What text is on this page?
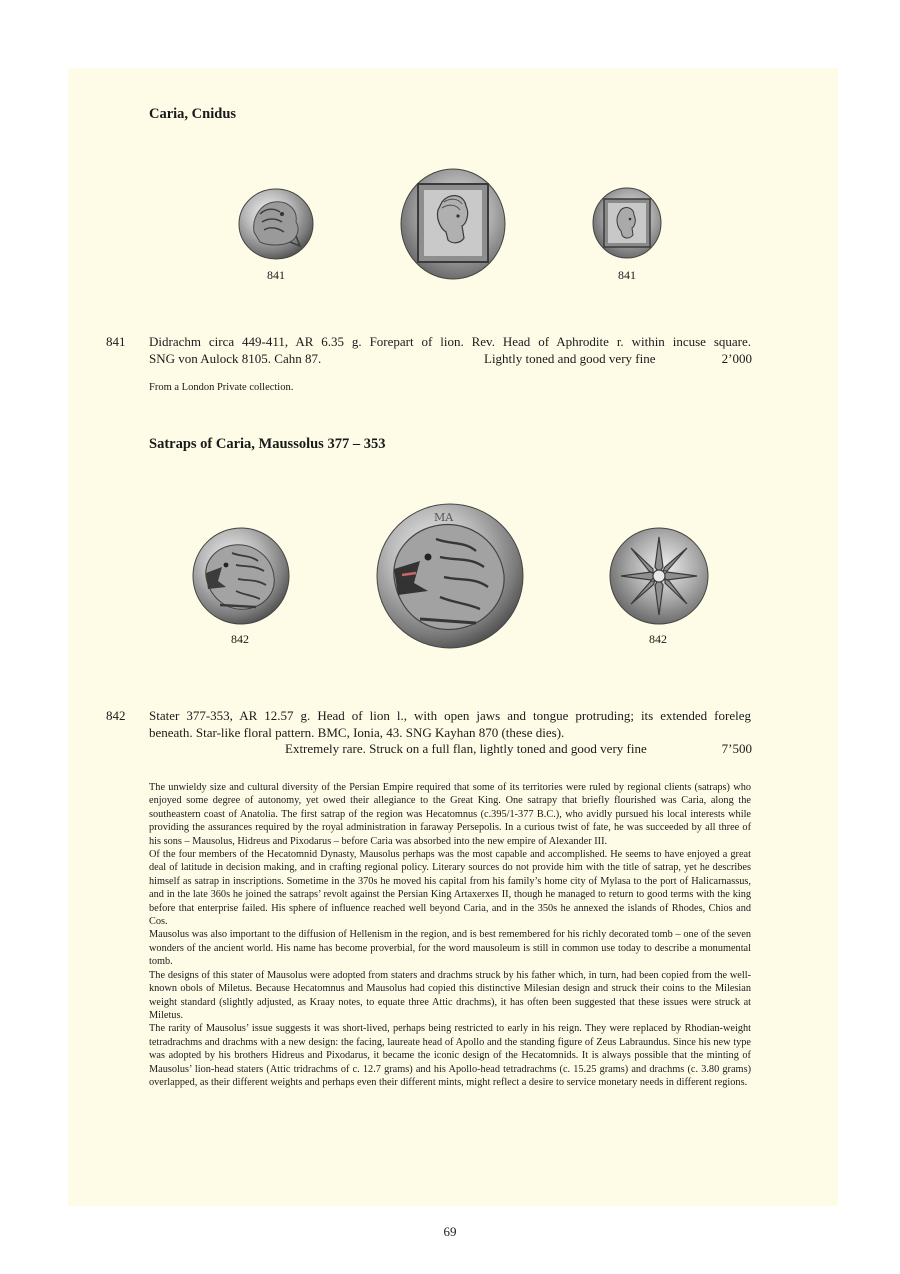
Caria, Cnidus
841	841
841 Didrachm circa 449-411, AR 6.35 g. Forepart of lion. Rev. Head of Aphrodite r. within incuse square.
SNG von Aulock 8105. Cahn 87.	Lightly toned and good very fine	2’000
From a London Private collection.
Satraps of Caria, Maussolus 377 – 353
ΜΑ
842	842
842 Stater 377-353, AR 12.57 g. Head of lion l., with open jaws and tongue protruding; its extended foreleg
beneath. Star-like floral pattern. BMC, Ionia, 43. SNG Kayhan 870 (these dies).
Extremely rare. Struck on a full flan, lightly toned and good very fine	7’500

The unwieldy size and cultural diversity of the Persian Empire required that some of its territories were ruled by regional clients (satraps) who enjoyed some degree of autonomy, yet owed their allegiance to the Great King. One satrapy that briefly flourished was Caria, along the southeastern coast of Anatolia. The first satrap of the region was Hecatomnus (c.395/1-377 B.C.), who avidly pursued his local interests while providing the assurances required by the royal administration in faraway Persepolis. In a curious twist of fate, he was succeeded by all three of his sons – Mausolus, Hidreus and Pixodarus – before Caria was absorbed into the new empire of Alexander III.

Of the four members of the Hecatomnid Dynasty, Mausolus perhaps was the most capable and accomplished. He seems to have enjoyed a great deal of latitude in decision making, and in crafting regional policy. Literary sources do not provide him with the title of satrap, yet he describes himself as satrap in inscriptions. Sometime in the 370s he moved his capital from his family’s home city of Mylasa to the port of Halicarnassus, and in the late 360s he joined the satraps’ revolt against the Persian King Artaxerxes II, though he managed to return to good terms with the king before that enterprise failed. His sphere of influence reached well beyond Caria, and in the 350s he annexed the islands of Rhodes, Chios and Cos.

Mausolus was also important to the diffusion of Hellenism in the region, and is best remembered for his richly decorated tomb – one of the seven wonders of the ancient world. His name has become proverbial, for the word mausoleum is still in common use today to describe a monumental tomb.

The designs of this stater of Mausolus were adopted from staters and drachms struck by his father which, in turn, had been copied from the well-known obols of Miletus. Because Hecatomnus and Mausolus had copied this distinctive Milesian design and struck their coins to the Milesian weight standard (slightly adjusted, as Kraay notes, to equate three Attic drachms), it has often been suggested that these issues were struck at Miletus.

The rarity of Mausolus’ issue suggests it was short-lived, perhaps being restricted to early in his reign. They were replaced by Rhodian-weight tetradrachms and drachms with a new design: the facing, laureate head of Apollo and the standing figure of Zeus Labraundus. Since his new type was adopted by his brothers Hidreus and Pixodarus, it became the iconic design of the Hecatomnids. It is always possible that the minting of Mausolus’ lion-head staters (Attic tridrachms of c. 12.7 grams) and his Apollo-head tetradrachms (c. 15.25 grams) and drachms (c. 3.80 grams) overlapped, as their different weights and perhaps even their different mints, might reflect a desire to service monetary needs in different regions.

69
